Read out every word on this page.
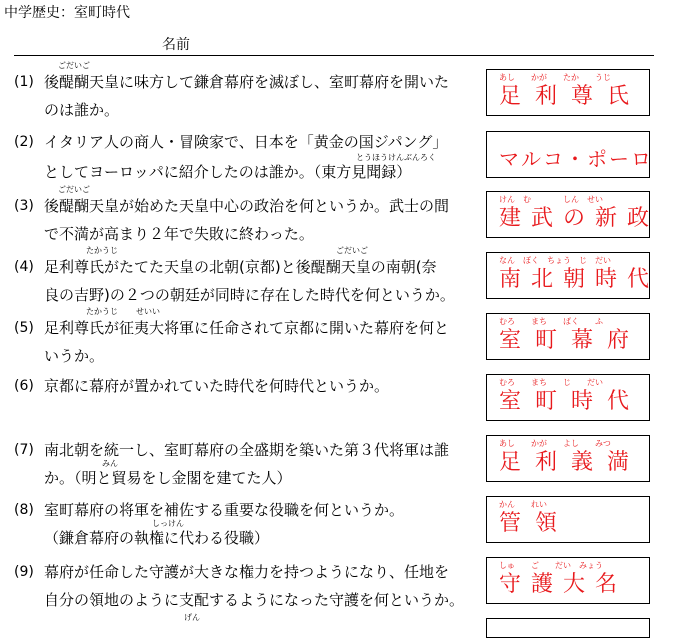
中学歴史：室町時代
名前
ごだいご
(1) 後醍醐天皇に味方して鎌倉幕府を滅ぼし、室町幕府を開いた
のは誰か。
あし　　かが　　たか　　うじ
足利尊氏
(2) イタリア人の商人・冒険家で、日本を「黄金の国ジパング」
とうほうけんぶんろく
としてヨーロッパに紹介したのは誰か。（東方見聞録）
マルコ・ポーロ
ごだいご
(3) 後醍醐天皇が始めた天皇中心の政治を何というか。武士の間
で不満が高まり２年で失敗に終わった。
けん　む　　　　しん　せい
建武の新政
たかうじ	ごだいご
(4) 足利尊氏がたてた天皇の北朝(京都)と後醍醐天皇の南朝(奈
良の吉野)の２つの朝廷が同時に存在した時代を何というか。
なん　ぼく　ちょう　じ　だい
南北朝時代
たかうじ せいい
(5) 足利尊氏が征夷大将軍に任命されて京都に開いた幕府を何と
いうか。
むろ　　まち　　ばく　　ふ
室町幕府
(6) 京都に幕府が置かれていた時代を何時代というか。	むろ　　まち　　じ　　だい
室町時代
(7) 南北朝を統一し、室町幕府の全盛期を築いた第３代将軍は誰
みん
か。（明と貿易をし金閣を建てた人）
あし　　かが　　よし　　みつ
足利義満
(8) 室町幕府の将軍を補佐する重要な役職を何というか。
しっけん
（鎌倉幕府の執権に代わる役職）
かん　　れい
管領
(9) 幕府が任命した守護が大きな権力を持つようになり、任地を
自分の領地のように支配するようになった守護を何というか。
げん
しゅ　　ご　　だい　みょう
守護大名
